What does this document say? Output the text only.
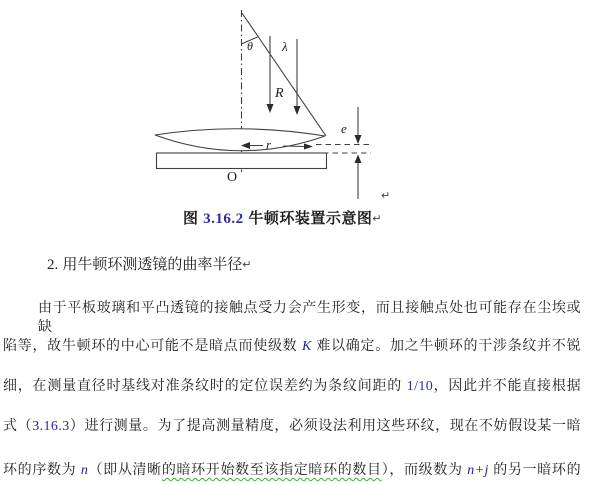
θ λ
R
r
e
O
↵
图 3.16.2 牛顿环装置示意图↵
2. 用牛顿环测透镜的曲率半径↵
由于平板玻璃和平凸透镜的接触点受力会产生形变，而且接触点处也可能存在尘埃或缺
陷等，故牛顿环的中心可能不是暗点而使级数 K 难以确定。加之牛顿环的干涉条纹并不锐
细，在测量直径时基线对准条纹时的定位误差约为条纹间距的 1/10，因此并不能直接根据
式（3.16.3）进行测量。为了提高测量精度，必须设法利用这些环纹，现在不妨假设某一暗
环的序数为 n（即从清晰的暗环开始数至该指定暗环的数目），而级数为 n+j 的另一暗环的
